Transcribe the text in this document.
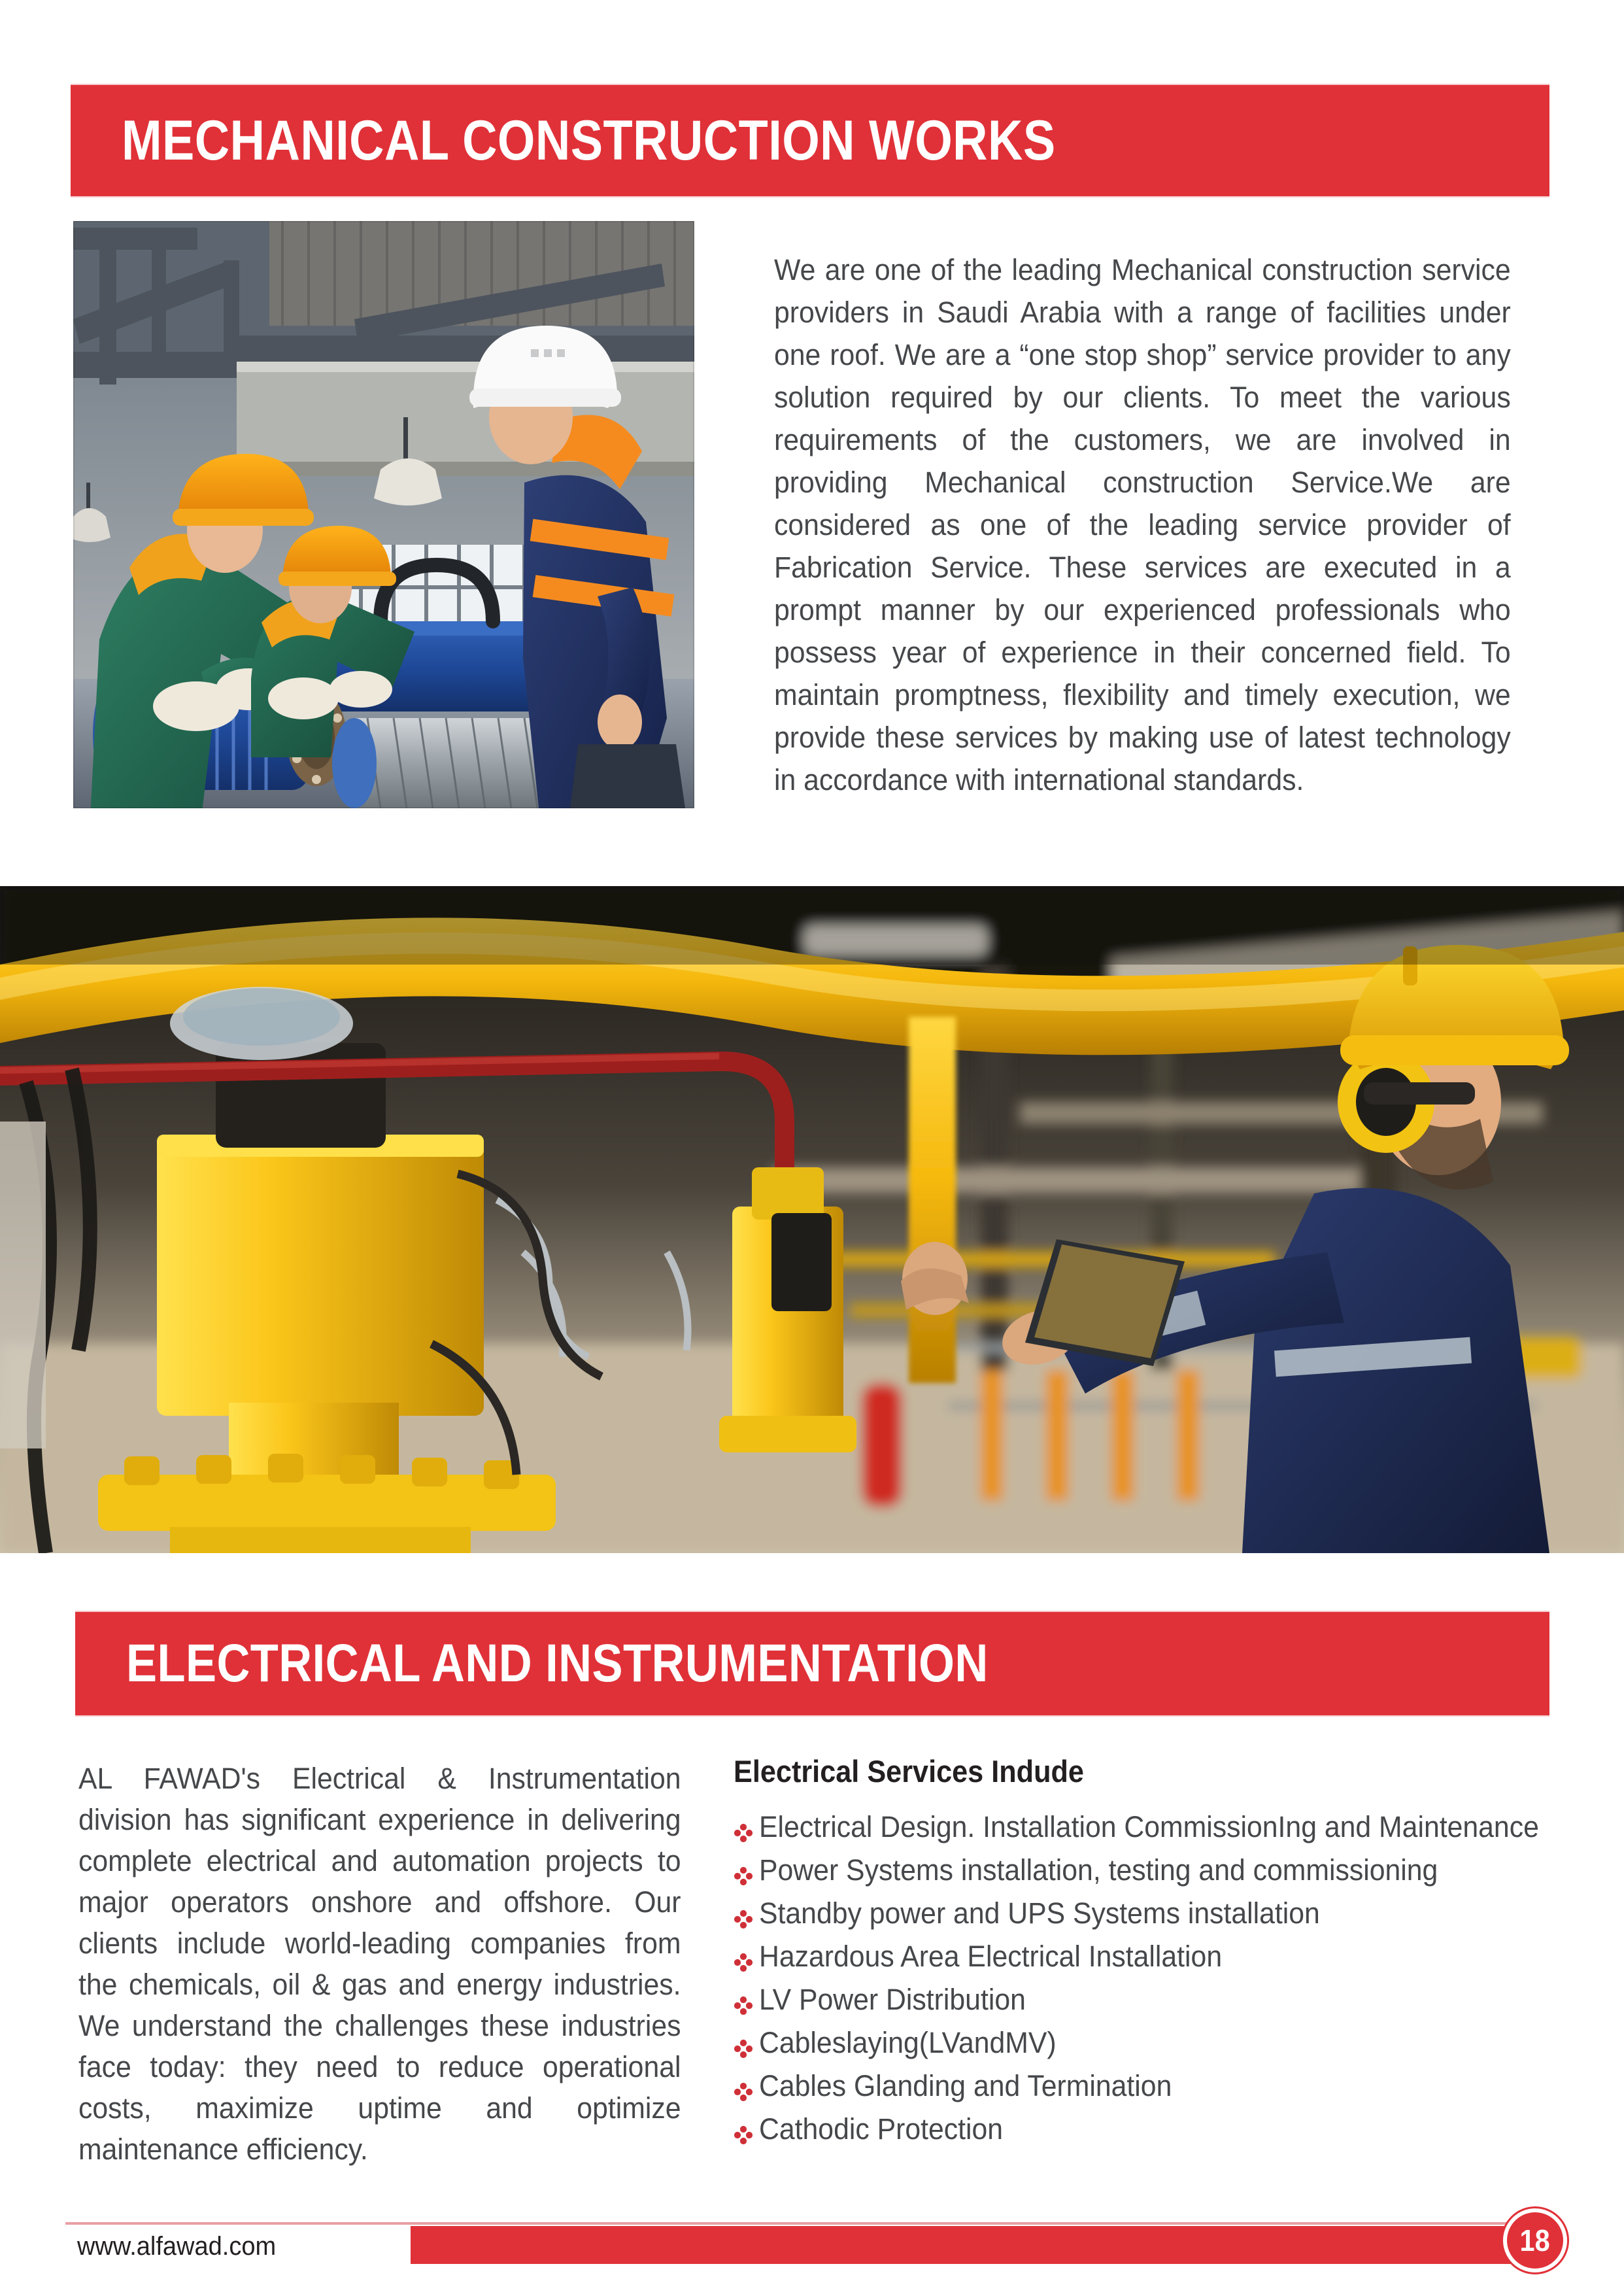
MECHANICAL CONSTRUCTION WORKS
We are one of the leading Mechanical construction service providers in Saudi Arabia with a range of facilities under one roof. We are a “one stop shop” service provider to any solution required by our clients. To meet the various requirements of the customers, we are involved in providing Mechanical construction Service.We are considered as one of the leading service provider of Fabrication Service. These services are executed in a prompt manner by our experienced professionals who possess year of experience in their concerned field. To maintain promptness, flexibility and timely execution, we provide these services by making use of latest technology in accordance with international standards.
ELECTRICAL AND INSTRUMENTATION
AL FAWAD's Electrical & Instrumentation division has significant experience in delivering complete electrical and automation projects to major operators onshore and offshore. Our clients include world-leading companies from the chemicals, oil & gas and energy industries. We understand the challenges these industries face today: they need to reduce operational costs, maximize uptime and optimize maintenance efficiency.
Electrical Services Indude
Electrical Design. Installation CommissionIng and Maintenance
Power Systems installation, testing and commissioning
Standby power and UPS Systems installation
Hazardous Area Electrical Installation
LV Power Distribution
Cableslaying(LVandMV)
Cables Glanding and Termination
Cathodic Protection
www.alfawad.com	18
